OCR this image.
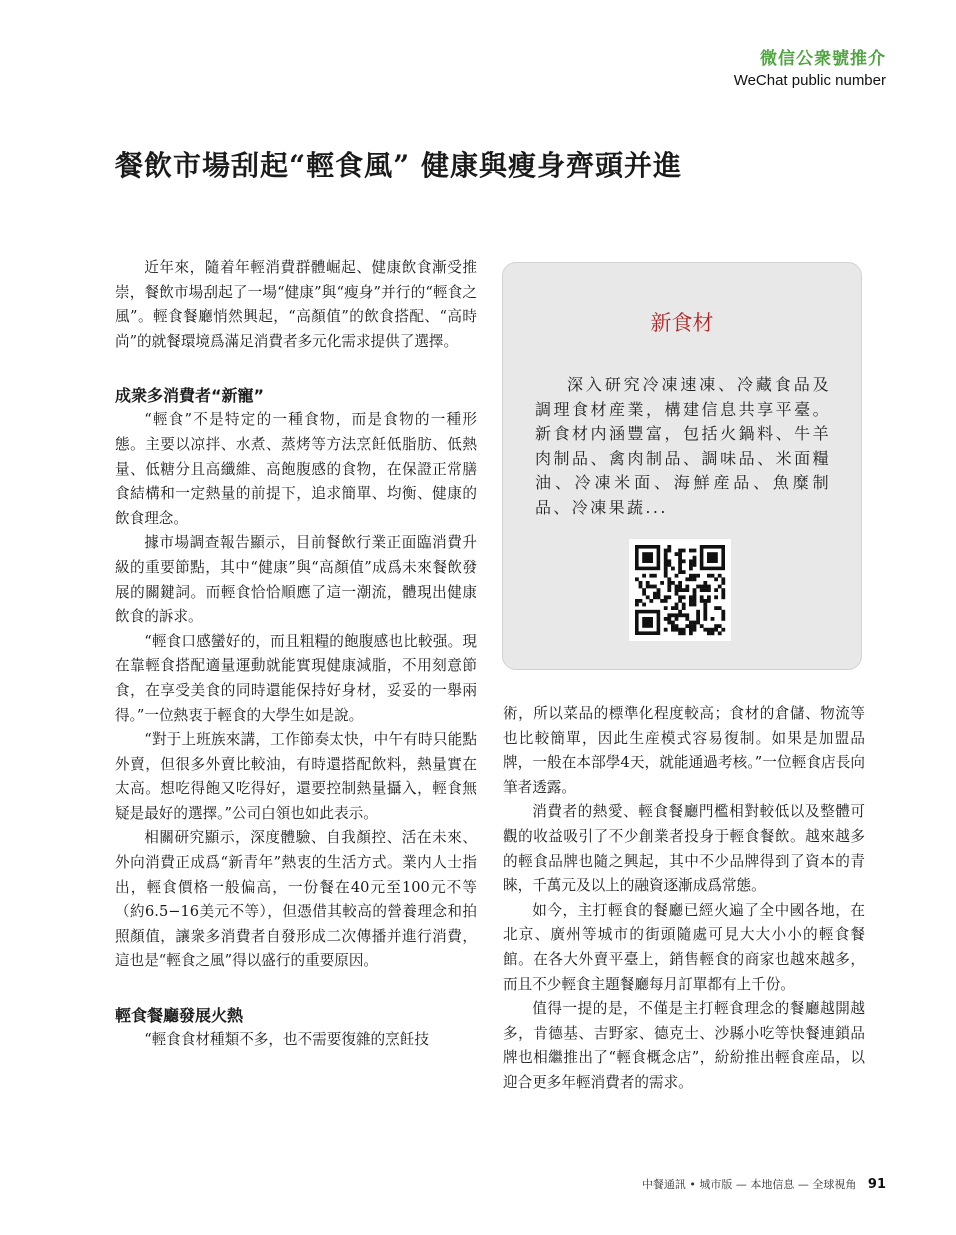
微信公衆號推介
WeChat public number
餐飲市場刮起“輕食風” 健康與瘦身齊頭并進

近年來，隨着年輕消費群體崛起、健康飲食漸受推崇，餐飲市場刮起了一場“健康”與“瘦身”并行的“輕食之風”。輕食餐廳悄然興起，“高顏值”的飲食搭配、“高時尚”的就餐環境爲滿足消費者多元化需求提供了選擇。

成衆多消費者“新寵”

“輕食”不是特定的一種食物，而是食物的一種形態。主要以凉拌、水煮、蒸烤等方法烹飪低脂肪、低熱量、低糖分且高纖維、高飽腹感的食物，在保證正常膳食結構和一定熱量的前提下，追求簡單、均衡、健康的飲食理念。

據市場調查報告顯示，目前餐飲行業正面臨消費升級的重要節點，其中“健康”與“高顏值”成爲未來餐飲發展的關鍵詞。而輕食恰恰順應了這一潮流，體現出健康飲食的訴求。

“輕食口感蠻好的，而且粗糧的飽腹感也比較强。現在靠輕食搭配適量運動就能實現健康減脂，不用刻意節食，在享受美食的同時還能保持好身材，妥妥的一舉兩得。”一位熱衷于輕食的大學生如是說。

“對于上班族來講，工作節奏太快，中午有時只能點外賣，但很多外賣比較油，有時還搭配飲料，熱量實在太高。想吃得飽又吃得好，還要控制熱量攝入，輕食無疑是最好的選擇。”公司白領也如此表示。

相關研究顯示，深度體驗、自我顏控、活在未來、外向消費正成爲“新青年”熱衷的生活方式。業内人士指出，輕食價格一般偏高，一份餐在40元至100元不等（約6.5−16美元不等），但憑借其較高的營養理念和拍照顏值，讓衆多消費者自發形成二次傳播并進行消費，這也是“輕食之風”得以盛行的重要原因。

輕食餐廳發展火熱

“輕食食材種類不多，也不需要復雜的烹飪技

新食材
深入研究冷凍速凍、冷藏食品及調理食材産業，構建信息共享平臺。新食材内涵豐富，包括火鍋料、牛羊肉制品、禽肉制品、調味品、米面糧油、冷凍米面、海鮮産品、魚糜制品、冷凍果蔬...

術，所以菜品的標準化程度較高；食材的倉儲、物流等也比較簡單，因此生産模式容易復制。如果是加盟品牌，一般在本部學4天，就能通過考核。”一位輕食店長向筆者透露。

消費者的熱愛、輕食餐廳門檻相對較低以及整體可觀的收益吸引了不少創業者投身于輕食餐飲。越來越多的輕食品牌也隨之興起，其中不少品牌得到了資本的青睞，千萬元及以上的融資逐漸成爲常態。

如今，主打輕食的餐廳已經火遍了全中國各地，在北京、廣州等城市的街頭隨處可見大大小小的輕食餐館。在各大外賣平臺上，銷售輕食的商家也越來越多，而且不少輕食主題餐廳每月訂單都有上千份。

值得一提的是，不僅是主打輕食理念的餐廳越開越多，肯德基、吉野家、德克士、沙縣小吃等快餐連鎖品牌也相繼推出了“輕食概念店”，紛紛推出輕食産品，以迎合更多年輕消費者的需求。

中餐通訊 • 城市版 — 本地信息 — 全球視角 91
